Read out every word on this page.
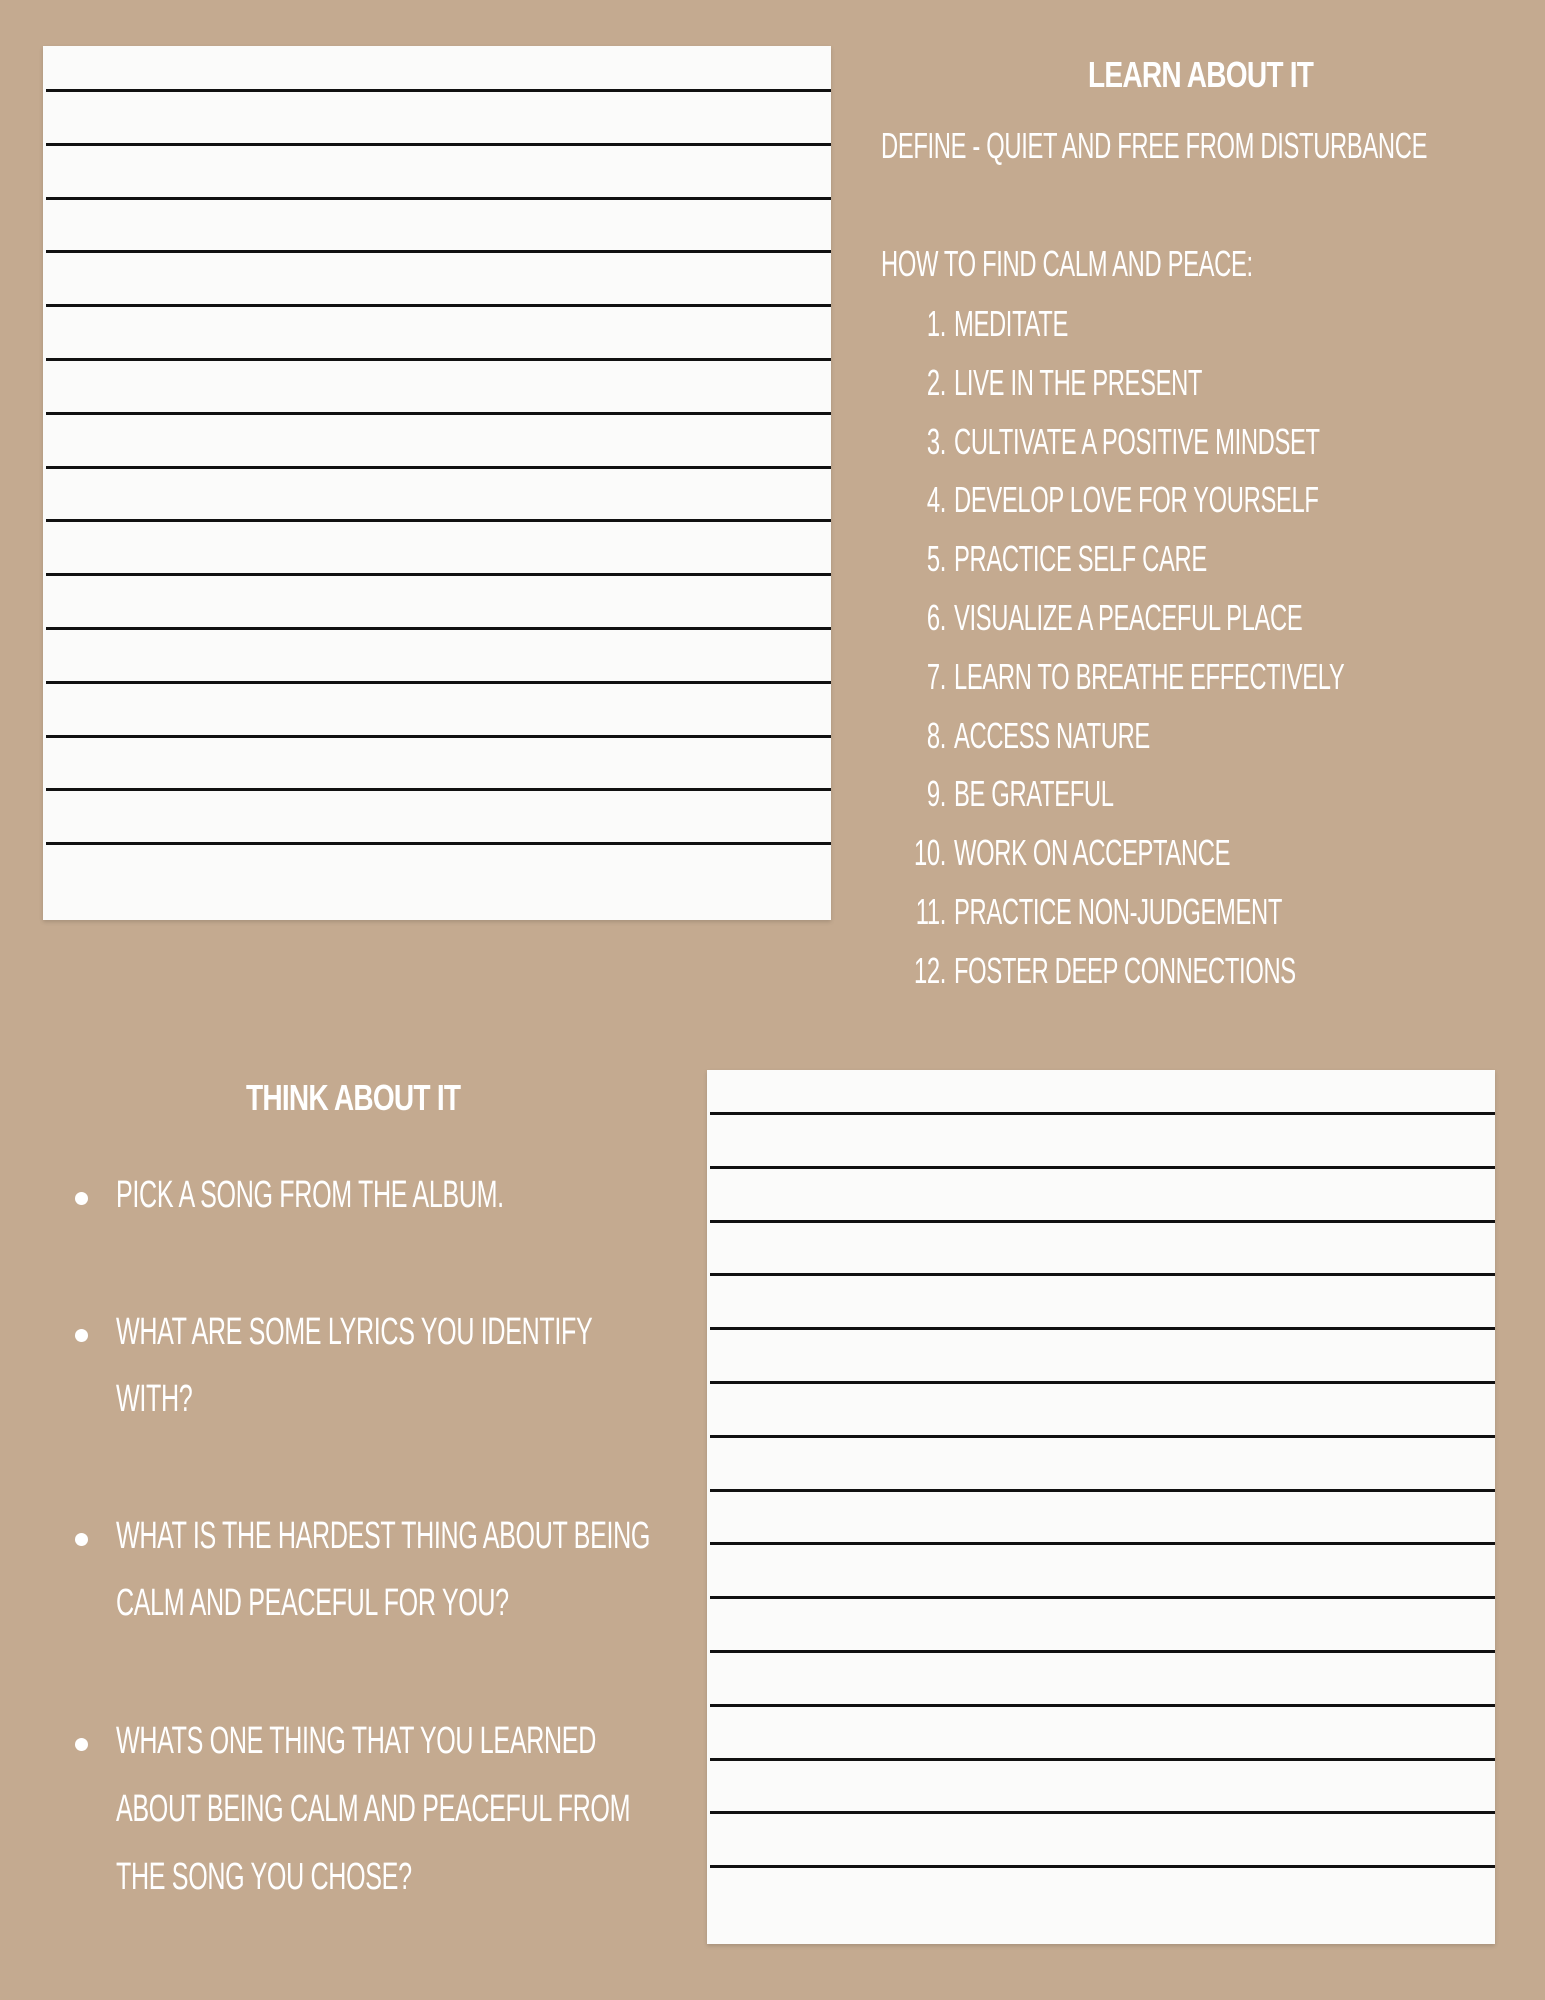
LEARN ABOUT IT
DEFINE - QUIET AND FREE FROM DISTURBANCE
HOW TO FIND CALM AND PEACE:
1. MEDITATE
2. LIVE IN THE PRESENT
3. CULTIVATE A POSITIVE MINDSET
4. DEVELOP LOVE FOR YOURSELF
5. PRACTICE SELF CARE
6. VISUALIZE A PEACEFUL PLACE
7. LEARN TO BREATHE EFFECTIVELY
8. ACCESS NATURE
9. BE GRATEFUL
10. WORK ON ACCEPTANCE
11. PRACTICE NON-JUDGEMENT
12. FOSTER DEEP CONNECTIONS
THINK ABOUT IT
PICK A SONG FROM THE ALBUM.
WHAT ARE SOME LYRICS YOU IDENTIFY
WITH?
WHAT IS THE HARDEST THING ABOUT BEING
CALM AND PEACEFUL FOR YOU?
WHATS ONE THING THAT YOU LEARNED
ABOUT BEING CALM AND PEACEFUL FROM
THE SONG YOU CHOSE?
